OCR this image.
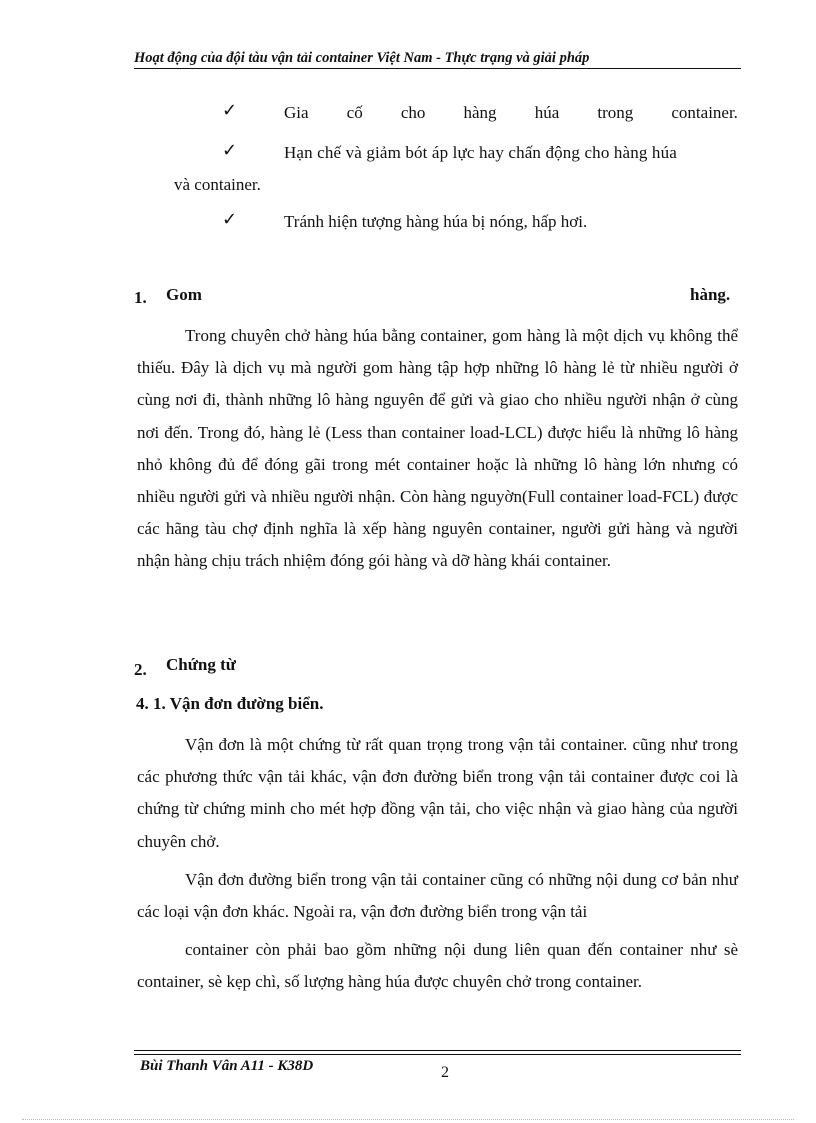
Hoạt động của đội tàu vận tải container Việt Nam - Thực trạng và giải pháp
✓	Gia cố cho hàng húa trong container.
✓	Hạn chế và giảm bót áp lực hay chấn động cho hàng húa
và container.
✓	Tránh hiện tượng hàng húa bị nóng, hấp hơi.
1. Gom	hàng.

Trong chuyên chở hàng húa bằng container, gom hàng là một dịch vụ không thể thiếu. Đây là dịch vụ mà người gom hàng tập hợp những lô hàng lẻ từ nhiều người ở cùng nơi đi, thành những lô hàng nguyên để gửi và giao cho nhiều người nhận ở cùng nơi đến. Trong đó, hàng lẻ (Less than container load-LCL) được hiểu là những lô hàng nhỏ không đủ để đóng gãi trong mét container hoặc là những lô hàng lớn nhưng có nhiều người gửi và nhiều người nhận. Còn hàng nguyờn(Full container load-FCL) được các hãng tàu chợ định nghĩa là xếp hàng nguyên container, người gửi hàng và người nhận hàng chịu trách nhiệm đóng gói hàng và dỡ hàng khái container.

2. Chứng từ
4. 1. Vận đơn đường biển.

Vận đơn là một chứng từ rất quan trọng trong vận tải container. cũng như trong các phương thức vận tải khác, vận đơn đường biển trong vận tải container được coi là chứng từ chứng minh cho mét hợp đồng vận tải, cho việc nhận và giao hàng của người chuyên chở.

Vận đơn đường biển trong vận tải container cũng có những nội dung cơ bản như các loại vận đơn khác. Ngoài ra, vận đơn đường biển trong vận tải

container còn phải bao gồm những nội dung liên quan đến container như sè container, sè kẹp chì, số lượng hàng húa được chuyên chở trong container.

Bùi Thanh Vân A11 - K38D	2
